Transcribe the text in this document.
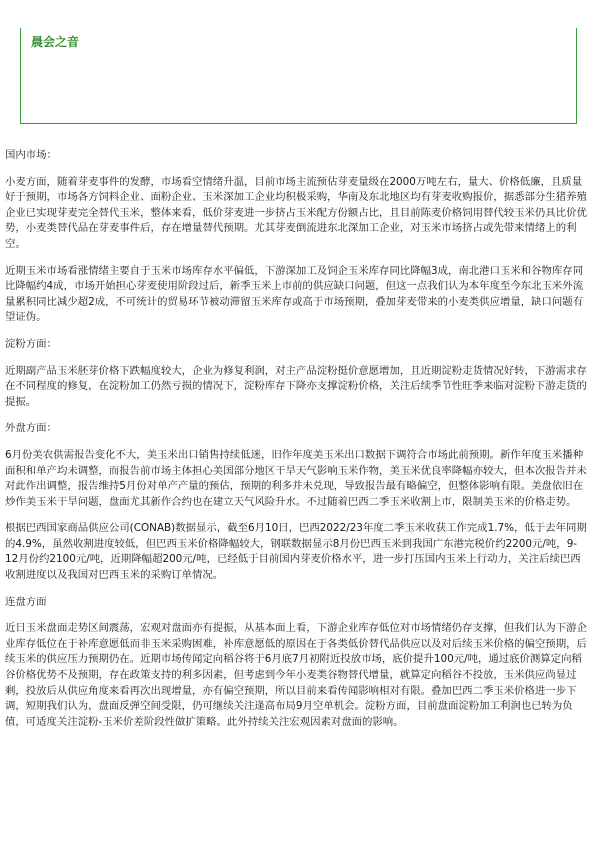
晨会之音

国内市场：

小麦方面，随着芽麦事件的发酵，市场看空情绪升温，目前市场主流预估芽麦量级在2000万吨左右，量大、价格低廉，且质量好于预期，市场各方饲料企业、面粉企业、玉米深加工企业均积极采购，华南及东北地区均有芽麦收购报价，据悉部分生猪养殖企业已实现芽麦完全替代玉米，整体来看，低价芽麦进一步挤占玉米配方份额占比，且目前陈麦价格饲用替代较玉米仍具比价优势，小麦类替代品在芽麦事件后，存在增量替代预期。尤其芽麦倒流进东北深加工企业，对玉米市场挤占或先带来情绪上的利空。

近期玉米市场看涨情绪主要自于玉米市场库存水平偏低，下游深加工及饲企玉米库存同比降幅3成，南北港口玉米和谷物库存同比降幅约4成，市场开始担心芽麦使用阶段过后，新季玉米上市前的供应缺口问题，但这一点我们认为本年度至今东北玉米外流量累积同比减少超2成，不可统计的贸易环节被动滞留玉米库存或高于市场预期，叠加芽麦带来的小麦类供应增量，缺口问题有望证伪。

淀粉方面：

近期副产品玉米胚芽价格下跌幅度较大，企业为修复利润，对主产品淀粉挺价意愿增加，且近期淀粉走货情况好转，下游需求存在不同程度的修复，在淀粉加工仍然亏损的情况下，淀粉库存下降亦支撑淀粉价格，关注后续季节性旺季来临对淀粉下游走货的提振。

外盘方面：

6月份美农供需报告变化不大，美玉米出口销售持续低迷，旧作年度美玉米出口数据下调符合市场此前预期。新作年度玉米播种面积和单产均未调整，而报告前市场主体担心美国部分地区干旱天气影响玉米作物，美玉米优良率降幅亦较大，但本次报告并未对此作出调整，报告维持5月份对单产产量的预估，预期的利多并未兑现，导致报告最有略偏空，但整体影响有限。美盘依旧在炒作美玉米干旱问题，盘面尤其新作合约也在建立天气风险升水。不过随着巴西二季玉米收割上市，限制美玉米的价格走势。

根据巴西国家商品供应公司(CONAB)数据显示，截至6月10日，巴西2022/23年度二季玉米收获工作完成1.7%，低于去年同期的4.9%，虽然收割进度较低，但巴西玉米价格降幅较大，钢联数据显示8月份巴西玉米到我国广东港完税价约2200元/吨，9-12月份约2100元/吨，近期降幅超200元/吨，已经低于目前国内芽麦价格水平，进一步打压国内玉米上行动力，关注后续巴西收割进度以及我国对巴西玉米的采购订单情况。

连盘方面

近日玉米盘面走势区间震荡，宏观对盘面亦有提振，从基本面上看，下游企业库存低位对市场情绪仍存支撑，但我们认为下游企业库存低位在于补库意愿低而非玉米采购困难，补库意愿低的原因在于各类低价替代品供应以及对后续玉米价格的偏空预期，后续玉米的供应压力预期仍在。近期市场传闻定向稻谷将于6月底7月初附近投放市场，底价提升100元/吨，通过底价测算定向稻谷价格优势不及预期，存在政策支持的利多因素，但考虑到今年小麦类谷物替代增量，就算定向稻谷不投放，玉米供应尚显过剩，投放后从供应角度来看再次出现增量，亦有偏空预期，所以目前来看传闻影响相对有限。叠加巴西二季玉米价格进一步下调，短期我们认为，盘面反弹空间受限，仍可继续关注逢高布局9月空单机会。淀粉方面，目前盘面淀粉加工利润也已转为负值，可适度关注淀粉-玉米价差阶段性做扩策略。此外持续关注宏观因素对盘面的影响。
